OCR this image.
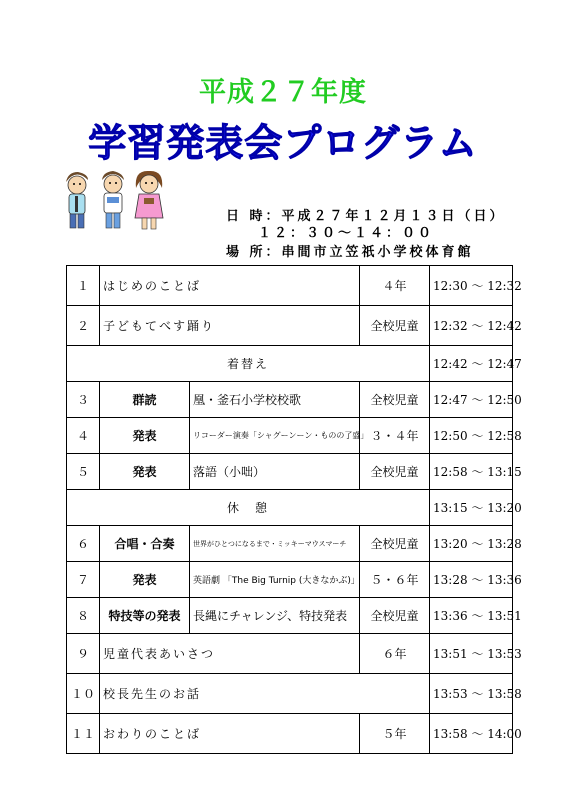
平成２７年度
学習発表会プログラム
日 時：平成２７年１２月１３日（日）
１２：３０～１４：００
場 所：串間市立笠祇小学校体育館
１	はじめのことば		４年	12:30 ～ 12:32
２	子どもてべす踊り		全校児童	12:32 ～ 12:42
着替え				12:42 ～ 12:47
３	群読	凰・釜石小学校校歌	全校児童	12:47 ～ 12:50
４	発表	リコーダー演奏「シャグーンーン・ものの了盛」	３・４年	12:50 ～ 12:58
５	発表	落語（小咄）	全校児童	12:58 ～ 13:15
休　憩				13:15 ～ 13:20
６	合唱・合奏	世界がひとつになるまで・ミッキーマウスマーチ	全校児童	13:20 ～ 13:28
７	発表	英語劇 「The Big Turnip (大きなかぶ)」	５・６年	13:28 ～ 13:36
８	特技等の発表	長縄にチャレンジ、特技発表	全校児童	13:36 ～ 13:51
９	児童代表あいさつ		６年	13:51 ～ 13:53
１０	校長先生のお話			13:53 ～ 13:58
１１	おわりのことば		５年	13:58 ～ 14:00
